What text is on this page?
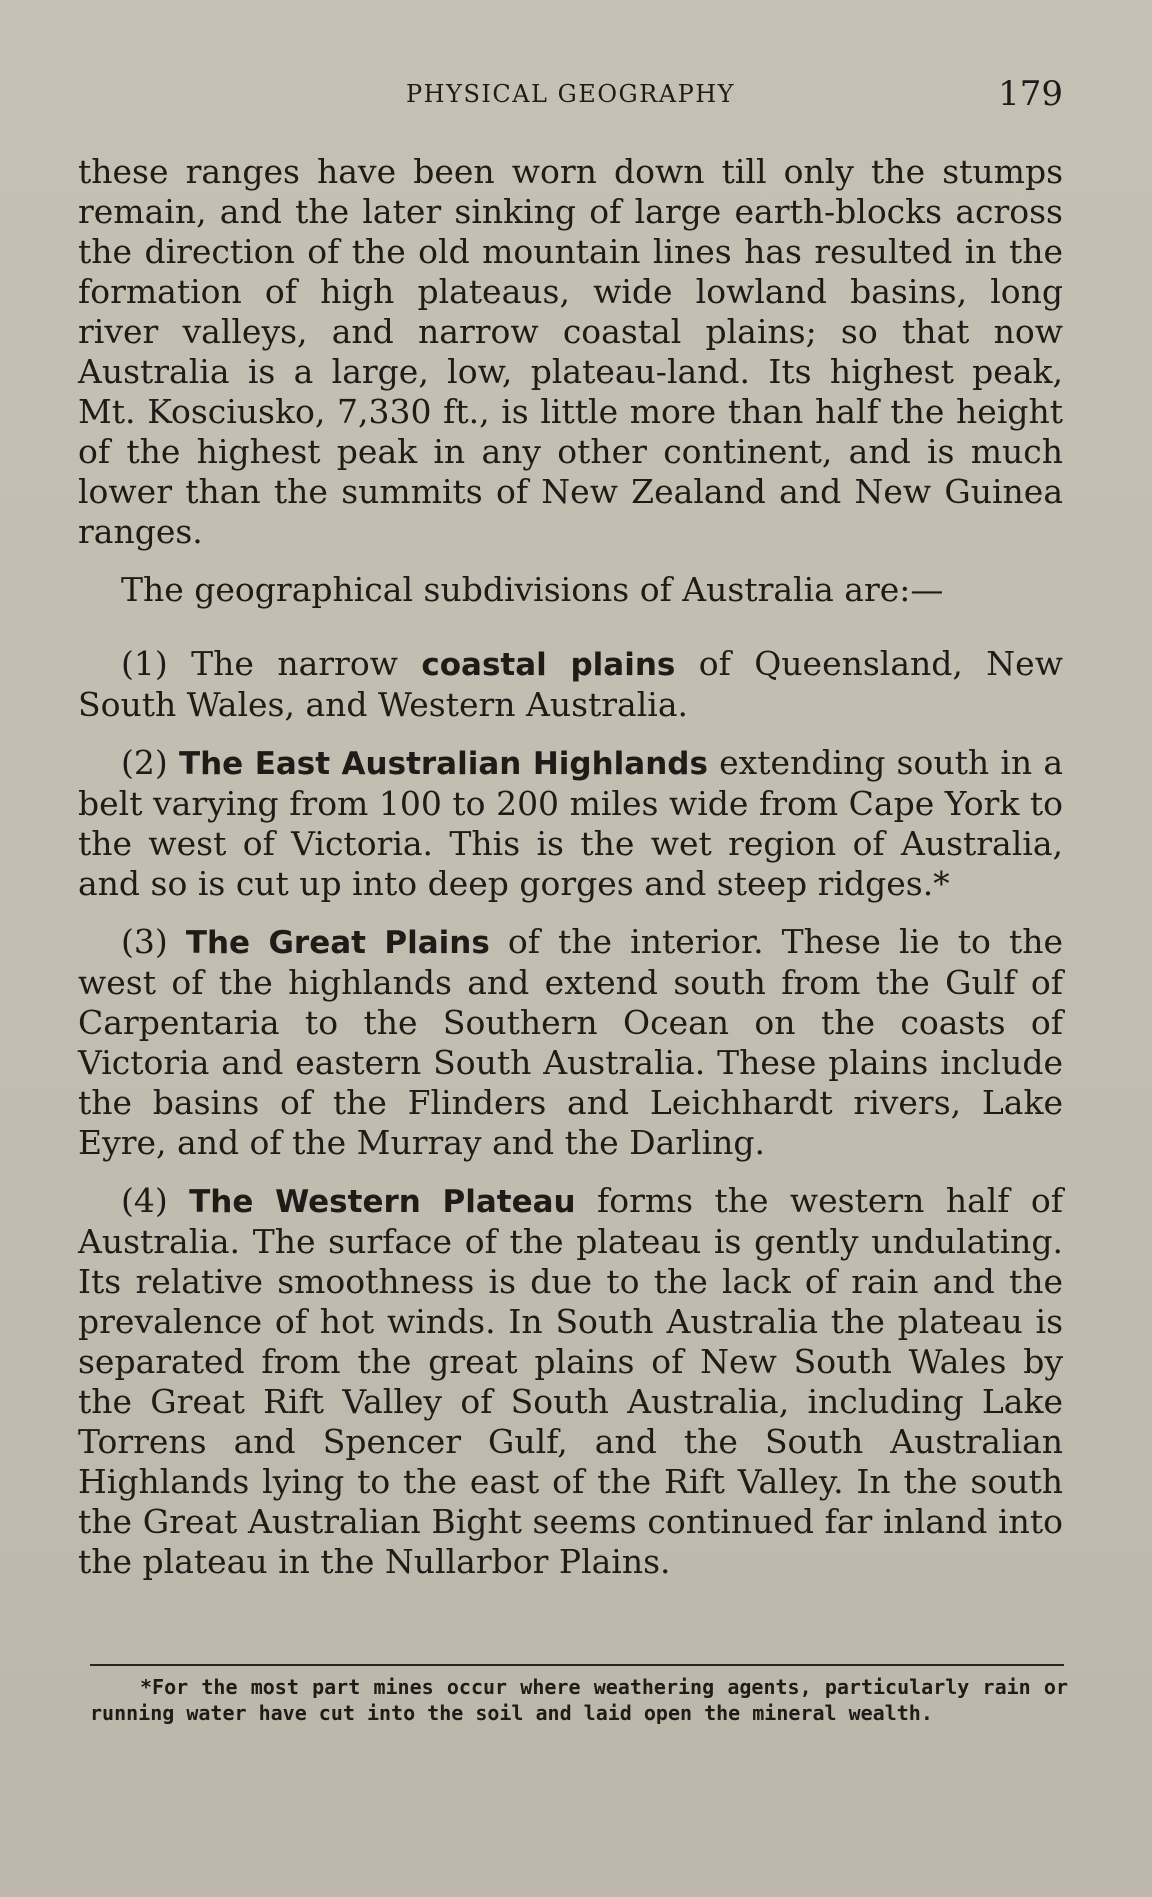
PHYSICAL GEOGRAPHY	179

these ranges have been worn down till only the stumps remain, and the later sinking of large earth-blocks across the direction of the old mountain lines has resulted in the formation of high plateaus, wide lowland basins, long river valleys, and narrow coastal plains; so that now Australia is a large, low, plateau-land. Its highest peak, Mt. Kosciusko, 7,330 ft., is little more than half the height of the highest peak in any other continent, and is much lower than the summits of New Zealand and New Guinea ranges.

The geographical subdivisions of Australia are:—

(1) The narrow coastal plains of Queensland, New South Wales, and Western Australia.

(2) The East Australian Highlands extending south in a belt varying from 100 to 200 miles wide from Cape York to the west of Victoria. This is the wet region of Australia, and so is cut up into deep gorges and steep ridges.*

(3) The Great Plains of the interior. These lie to the west of the highlands and extend south from the Gulf of Carpentaria to the Southern Ocean on the coasts of Victoria and eastern South Australia. These plains include the basins of the Flinders and Leichhardt rivers, Lake Eyre, and of the Murray and the Darling.

(4) The Western Plateau forms the western half of Australia. The surface of the plateau is gently undulating. Its relative smoothness is due to the lack of rain and the prevalence of hot winds. In South Australia the plateau is separated from the great plains of New South Wales by the Great Rift Valley of South Australia, including Lake Torrens and Spencer Gulf, and the South Australian Highlands lying to the east of the Rift Valley. In the south the Great Australian Bight seems continued far inland into the plateau in the Nullarbor Plains.

*For the most part mines occur where weathering agents, particularly rain or running water have cut into the soil and laid open the mineral wealth.
